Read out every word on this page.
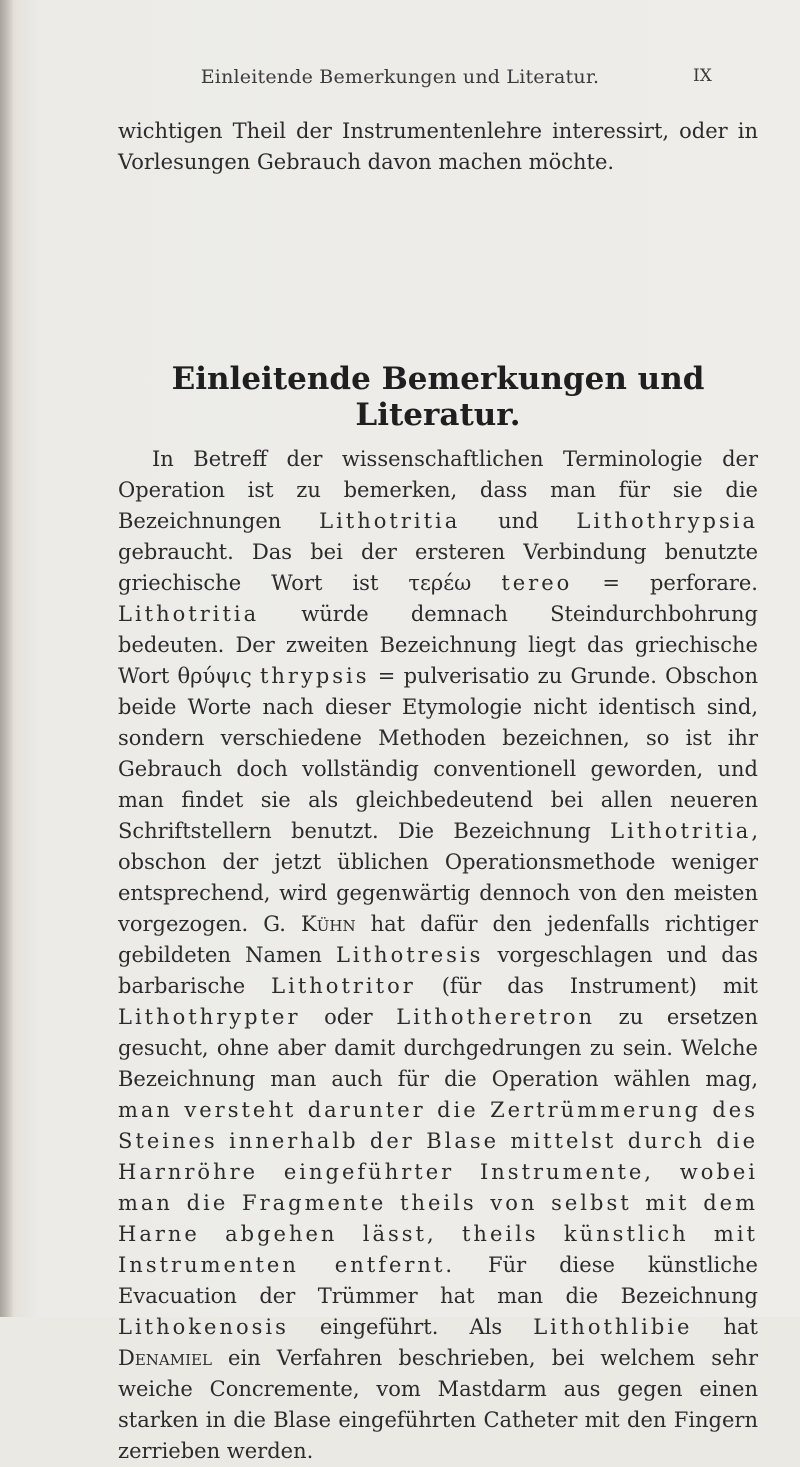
Einleitende Bemerkungen und Literatur.	IX

wichtigen Theil der Instrumentenlehre interessirt, oder in Vorlesungen Gebrauch davon machen möchte.

Einleitende Bemerkungen und Literatur.

In Betreff der wissenschaftlichen Terminologie der Operation ist zu bemerken, dass man für sie die Bezeichnungen Lithotritia und Lithothrypsia gebraucht. Das bei der ersteren Verbindung benutzte griechische Wort ist τερέω tereo = perforare. Lithotritia würde demnach Steindurchbohrung bedeuten. Der zweiten Bezeichnung liegt das griechische Wort θρύψις thrypsis = pulverisatio zu Grunde. Obschon beide Worte nach dieser Etymologie nicht identisch sind, sondern verschiedene Methoden bezeichnen, so ist ihr Gebrauch doch vollständig conventionell geworden, und man findet sie als gleichbedeutend bei allen neueren Schriftstellern benutzt. Die Bezeichnung Lithotritia, obschon der jetzt üblichen Operationsmethode weniger entsprechend, wird gegenwärtig dennoch von den meisten vorgezogen. G. Kühn hat dafür den jedenfalls richtiger gebildeten Namen Lithotresis vorgeschlagen und das barbarische Lithotritor (für das Instrument) mit Lithothrypter oder Lithotheretron zu ersetzen gesucht, ohne aber damit durchgedrungen zu sein. Welche Bezeichnung man auch für die Operation wählen mag, man versteht darunter die Zertrümmerung des Steines innerhalb der Blase mittelst durch die Harnröhre eingeführter Instrumente, wobei man die Fragmente theils von selbst mit dem Harne abgehen lässt, theils künstlich mit Instrumenten entfernt. Für diese künstliche Evacuation der Trümmer hat man die Bezeichnung Lithokenosis eingeführt. Als Lithothlibie hat Denamiel ein Verfahren beschrieben, bei welchem sehr weiche Concremente, vom Mastdarm aus gegen einen starken in die Blase eingeführten Catheter mit den Fingern zerrieben werden.
